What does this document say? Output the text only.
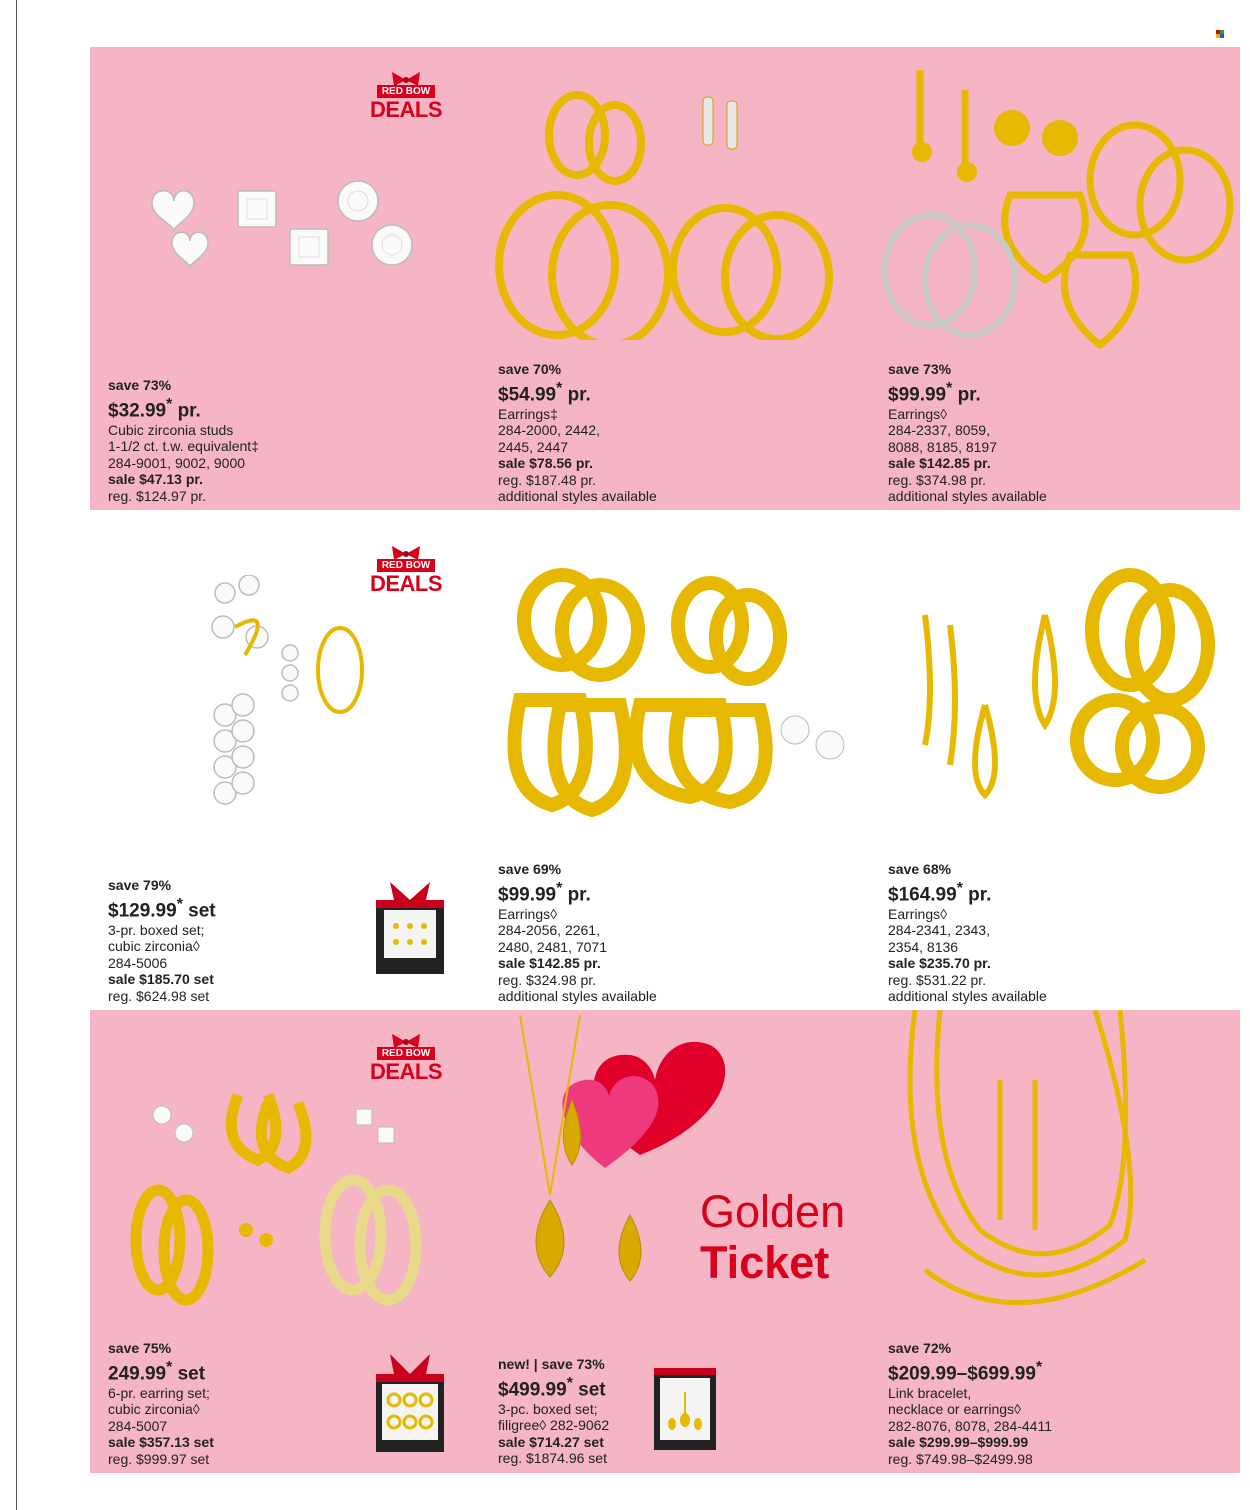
RED BOW
DEALS
RED BOW
DEALS
RED BOW
DEALS
save 73%
$32.99* pr.
Cubic zirconia studs
1-1/2 ct. t.w. equivalent‡
284-9001, 9002, 9000
sale $47.13 pr.
reg. $124.97 pr.
save 70%
$54.99* pr.
Earrings‡
284-2000, 2442,
2445, 2447
sale $78.56 pr.
reg. $187.48 pr.
additional styles available
save 73%
$99.99* pr.
Earrings◊
284-2337, 8059,
8088, 8185, 8197
sale $142.85 pr.
reg. $374.98 pr.
additional styles available
save 79%
$129.99* set
3-pr. boxed set;
cubic zirconia◊
284-5006
sale $185.70 set
reg. $624.98 set
save 69%
$99.99* pr.
Earrings◊
284-2056, 2261,
2480, 2481, 7071
sale $142.85 pr.
reg. $324.98 pr.
additional styles available
save 68%
$164.99* pr.
Earrings◊
284-2341, 2343,
2354, 8136
sale $235.70 pr.
reg. $531.22 pr.
additional styles available
Golden
Ticket
save 75%
249.99* set
6-pr. earring set;
cubic zirconia◊
284-5007
sale $357.13 set
reg. $999.97 set
new! | save 73%
$499.99* set
3-pc. boxed set;
filigree◊ 282-9062
sale $714.27 set
reg. $1874.96 set
save 72%
$209.99–$699.99*
Link bracelet,
necklace or earrings◊
282-8076, 8078, 284-4411
sale $299.99–$999.99
reg. $749.98–$2499.98
